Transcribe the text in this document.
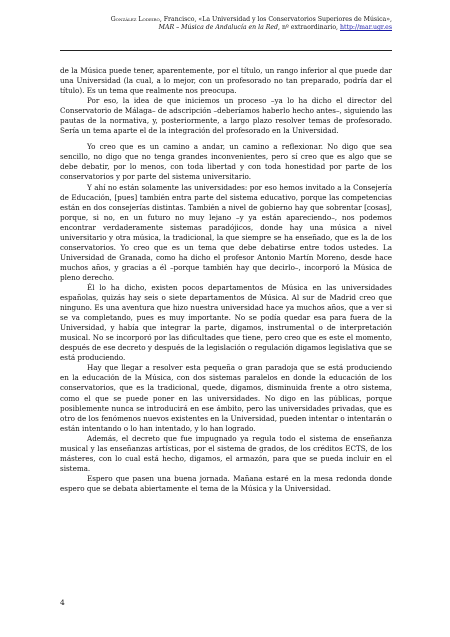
González Lodeiro, Francisco, «La Universidad y los Conservatorios Superiores de Música»,
MAR – Música de Andalucía en la Red, nº extraordinario, http://mar.ugr.es

de la Música puede tener, aparentemente, por el título, un rango inferior al que puede dar una Universidad (la cual, a lo mejor, con un profesorado no tan preparado, podría dar el título). Es un tema que realmente nos preocupa.

Por eso, la idea de que iniciemos un proceso –ya lo ha dicho el director del Conservatorio de Málaga– de adscripción –deberíamos haberlo hecho antes–, siguiendo las pautas de la normativa, y, posteriormente, a largo plazo resolver temas de profesorado. Sería un tema aparte el de la integración del profesorado en la Universidad.

Yo creo que es un camino a andar, un camino a reflexionar. No digo que sea sencillo, no digo que no tenga grandes inconvenientes, pero sí creo que es algo que se debe debatir, por lo menos, con toda libertad y con toda honestidad por parte de los conservatorios y por parte del sistema universitario.

Y ahí no están solamente las universidades: por eso hemos invitado a la Consejería de Educación, [pues] también entra parte del sistema educativo, porque las competencias están en dos consejerías distintas. También a nivel de gobierno hay que sobrentar [cosas], porque, si no, en un futuro no muy lejano –y ya están apareciendo–, nos podemos encontrar verdaderamente sistemas paradójicos, donde hay una música a nivel universitario y otra música, la tradicional, la que siempre se ha enseñado, que es la de los conservatorios. Yo creo que es un tema que debe debatirse entre todos ustedes. La Universidad de Granada, como ha dicho el profesor Antonio Martín Moreno, desde hace muchos años, y gracias a él –porque también hay que decirlo–, incorporó la Música de pleno derecho.

Él lo ha dicho, existen pocos departamentos de Música en las universidades españolas, quizás hay seis o siete departamentos de Música. Al sur de Madrid creo que ninguno. Es una aventura que hizo nuestra universidad hace ya muchos años, que a ver si se va completando, pues es muy importante. No se podía quedar esa para fuera de la Universidad, y había que integrar la parte, digamos, instrumental o de interpretación musical. No se incorporó por las dificultades que tiene, pero creo que es este el momento, después de ese decreto y después de la legislación o regulación digamos legislativa que se está produciendo.

Hay que llegar a resolver esta pequeña o gran paradoja que se está produciendo en la educación de la Música, con dos sistemas paralelos en donde la educación de los conservatorios, que es la tradicional, quede, digamos, disminuida frente a otro sistema, como el que se puede poner en las universidades. No digo en las públicas, porque posiblemente nunca se introducirá en ese ámbito, pero las universidades privadas, que es otro de los fenómenos nuevos existentes en la Universidad, pueden intentar o intentarán o están intentando o lo han intentado, y lo han logrado.

Además, el decreto que fue impugnado ya regula todo el sistema de enseñanza musical y las enseñanzas artísticas, por el sistema de grados, de los créditos ECTS, de los másteres, con lo cual está hecho, digamos, el armazón, para que se pueda incluir en el sistema.

Espero que pasen una buena jornada. Mañana estaré en la mesa redonda donde espero que se debata abiertamente el tema de la Música y la Universidad.

4
